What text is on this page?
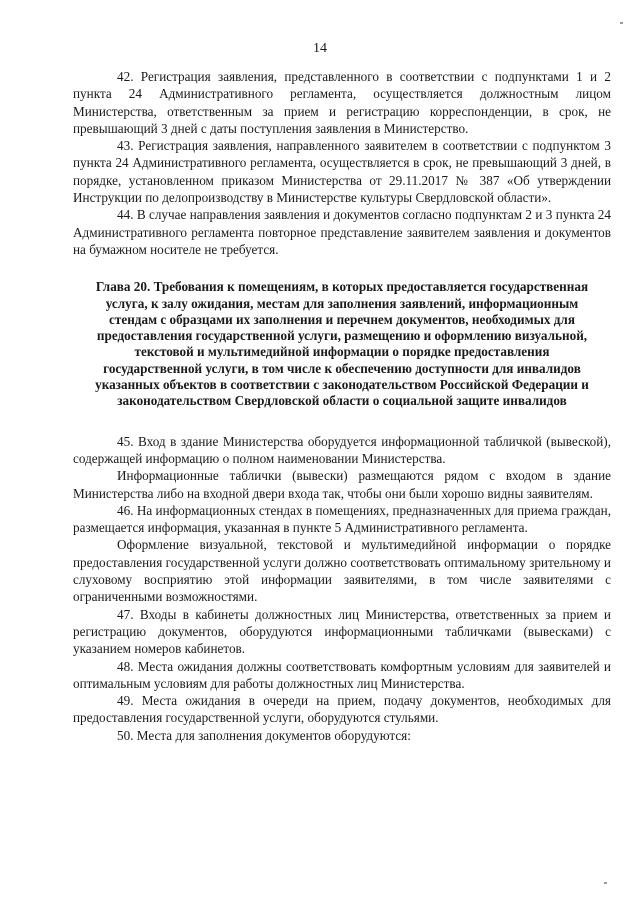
14

42. Регистрация заявления, представленного в соответствии с подпунктами 1 и 2 пункта 24 Административного регламента, осуществляется должностным лицом Министерства, ответственным за прием и регистрацию корреспонденции, в срок, не превышающий 3 дней с даты поступления заявления в Министерство.

43. Регистрация заявления, направленного заявителем в соответствии с подпунктом 3 пункта 24 Административного регламента, осуществляется в срок, не превышающий 3 дней, в порядке, установленном приказом Министерства от 29.11.2017 № 387 «Об утверждении Инструкции по делопроизводству в Министерстве культуры Свердловской области».

44. В случае направления заявления и документов согласно подпунктам 2 и 3 пункта 24 Административного регламента повторное представление заявителем заявления и документов на бумажном носителе не требуется.

Глава 20. Требования к помещениям, в которых предоставляется государственная услуга, к залу ожидания, местам для заполнения заявлений, информационным стендам с образцами их заполнения и перечнем документов, необходимых для предоставления государственной услуги, размещению и оформлению визуальной, текстовой и мультимедийной информации о порядке предоставления государственной услуги, в том числе к обеспечению доступности для инвалидов указанных объектов в соответствии с законодательством Российской Федерации и законодательством Свердловской области о социальной защите инвалидов

45. Вход в здание Министерства оборудуется информационной табличкой (вывеской), содержащей информацию о полном наименовании Министерства.

Информационные таблички (вывески) размещаются рядом с входом в здание Министерства либо на входной двери входа так, чтобы они были хорошо видны заявителям.

46. На информационных стендах в помещениях, предназначенных для приема граждан, размещается информация, указанная в пункте 5 Административного регламента.

Оформление визуальной, текстовой и мультимедийной информации о порядке предоставления государственной услуги должно соответствовать оптимальному зрительному и слуховому восприятию этой информации заявителями, в том числе заявителями с ограниченными возможностями.

47. Входы в кабинеты должностных лиц Министерства, ответственных за прием и регистрацию документов, оборудуются информационными табличками (вывесками) с указанием номеров кабинетов.

48. Места ожидания должны соответствовать комфортным условиям для заявителей и оптимальным условиям для работы должностных лиц Министерства.

49. Места ожидания в очереди на прием, подачу документов, необходимых для предоставления государственной услуги, оборудуются стульями.

50. Места для заполнения документов оборудуются:
